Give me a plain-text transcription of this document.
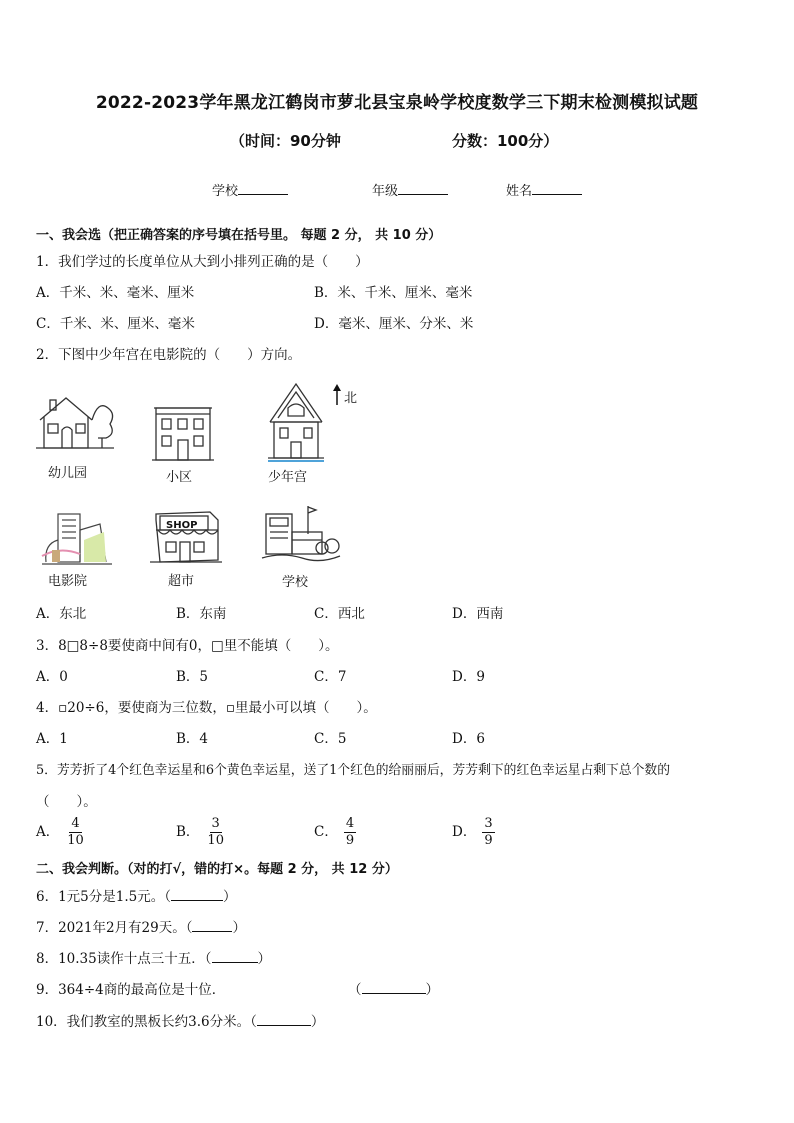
2022-2023学年黑龙江鹤岗市萝北县宝泉岭学校度数学三下期末检测模拟试题
（时间：90分钟	分数：100分）
学校	年级	姓名
一、我会选（把正确答案的序号填在括号里。 每题 2 分， 共 10 分）
1．我们学过的长度单位从大到小排列正确的是（　　）
A．千米、米、毫米、厘米	B．米、千米、厘米、毫米
C．千米、米、厘米、毫米	D．毫米、厘米、分米、米
2．下图中少年宫在电影院的（　　）方向。
北
幼儿园	小区	少年宫
电影院
SHOP
超市	学校
A．东北	B．东南	C．西北	D．西南
3．8□8÷8要使商中间有0，□里不能填（　　）。
A．0	B．5	C．7	D．9
4．▫20÷6，要使商为三位数，▫里最小可以填（　　）。
A．1	B．4	C．5	D．6
5．芳芳折了4个红色幸运星和6个黄色幸运星，送了1个红色的给丽丽后，芳芳剩下的红色幸运星占剩下总个数的
（　　）。
A． $\frac{4}{10}$	B． $\frac{3}{10}$	C． $\frac{4}{9}$	D． $\frac{3}{9}$
二、我会判断。（对的打√，错的打×。每题 2 分， 共 12 分）
6．1元5分是1.5元。（	）
7．2021年2月有29天。（	）
8．10.35读作十点三十五．（	）
9．364÷4商的最高位是十位．	（	）
10．我们教室的黑板长约3.6分米。（	）
